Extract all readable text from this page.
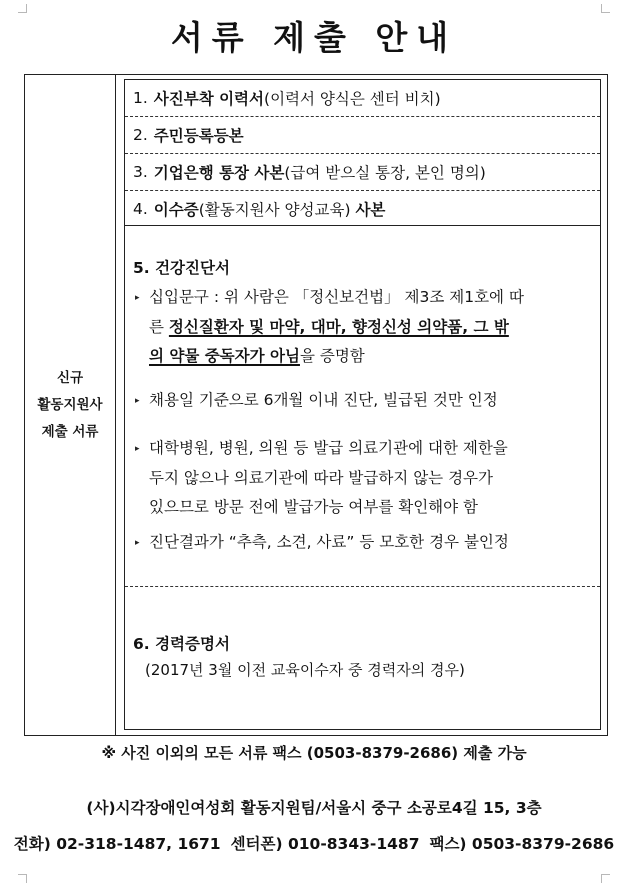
서류 제출 안내
신규
활동지원사
제출 서류
1. 사진부착 이력서 (이력서 양식은 센터 비치)
2. 주민등록등본
3. 기업은행 통장 사본 (급여 받으실 통장, 본인 명의)
4. 이수증 (활동지원사 양성교육) 사본
5. 건강진단서
▸ 십입문구 : 위 사람은 「정신보건법」 제3조 제1호에 따
른 정신질환자 및 마약, 대마, 향정신성 의약품, 그 밖
의 약물 중독자가 아님을 증명함
▸ 채용일 기준으로 6개월 이내 진단, 빌급된 것만 인정
▸ 대학병원, 병원, 의원 등 발급 의료기관에 대한 제한을
두지 않으나 의료기관에 따라 발급하지 않는 경우가
있으므로 방문 전에 발급가능 여부를 확인해야 함
▸ 진단결과가 “추측, 소견, 사료” 등 모호한 경우 불인정
6. 경력증명서
(2017년 3월 이전 교육이수자 중 경력자의 경우)
※ 사진 이외의 모든 서류 팩스 (0503-8379-2686) 제출 가능
(사)시각장애인여성회 활동지원팀/서울시 중구 소공로4길 15, 3층
전화) 02-318-1487, 1671 센터폰) 010-8343-1487 팩스) 0503-8379-2686
